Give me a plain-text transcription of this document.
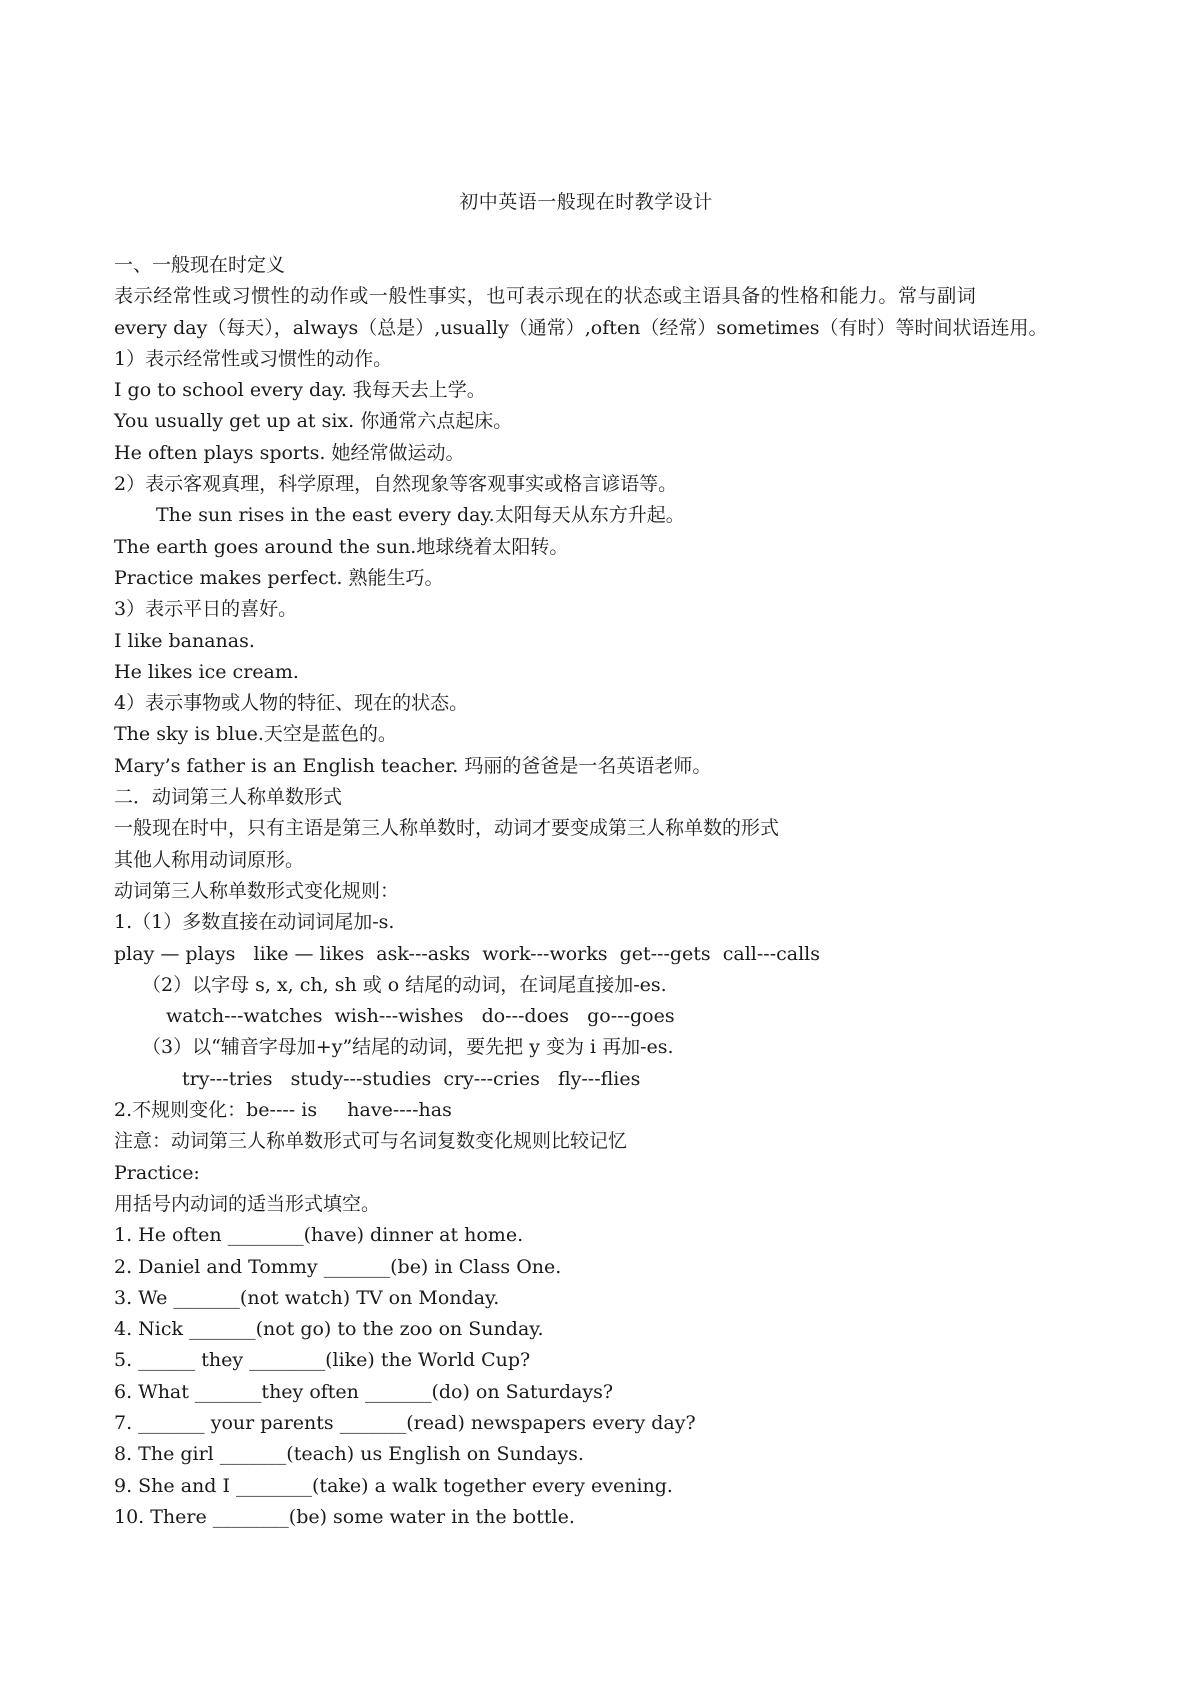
初中英语一般现在时教学设计
一、一般现在时定义
表示经常性或习惯性的动作或一般性事实，也可表示现在的状态或主语具备的性格和能力。常与副词
every day（每天），always（总是）,usually（通常）,often（经常）sometimes（有时）等时间状语连用。
1）表示经常性或习惯性的动作。
I go to school every day. 我每天去上学。
You usually get up at six. 你通常六点起床。
He often plays sports. 她经常做运动。
2）表示客观真理，科学原理，自然现象等客观事实或格言谚语等。
The sun rises in the east every day.太阳每天从东方升起。
The earth goes around the sun.地球绕着太阳转。
Practice makes perfect. 熟能生巧。
3）表示平日的喜好。
I like bananas.
He likes ice cream.
4）表示事物或人物的特征、现在的状态。
The sky is blue.天空是蓝色的。
Mary’s father is an English teacher. 玛丽的爸爸是一名英语老师。
二．动词第三人称单数形式
一般现在时中，只有主语是第三人称单数时，动词才要变成第三人称单数的形式
其他人称用动词原形。
动词第三人称单数形式变化规则：
1.（1）多数直接在动词词尾加-s.
play — plays   like — likes  ask---asks  work---works  get---gets  call---calls
（2）以字母 s, x, ch, sh 或 o 结尾的动词，在词尾直接加-es.
watch---watches  wish---wishes   do---does   go---goes
（3）以“辅音字母加+y”结尾的动词，要先把 y 变为 i 再加-es.
try---tries   study---studies  cry---cries   fly---flies
2.不规则变化：be---- is     have----has
注意：动词第三人称单数形式可与名词复数变化规则比较记忆
Practice:
用括号内动词的适当形式填空。
1. He often ________(have) dinner at home.
2. Daniel and Tommy _______(be) in Class One.
3. We _______(not watch) TV on Monday.
4. Nick _______(not go) to the zoo on Sunday.
5. ______ they ________(like) the World Cup?
6. What _______they often _______(do) on Saturdays?
7. _______ your parents _______(read) newspapers every day?
8. The girl _______(teach) us English on Sundays.
9. She and I ________(take) a walk together every evening.
10. There ________(be) some water in the bottle.
